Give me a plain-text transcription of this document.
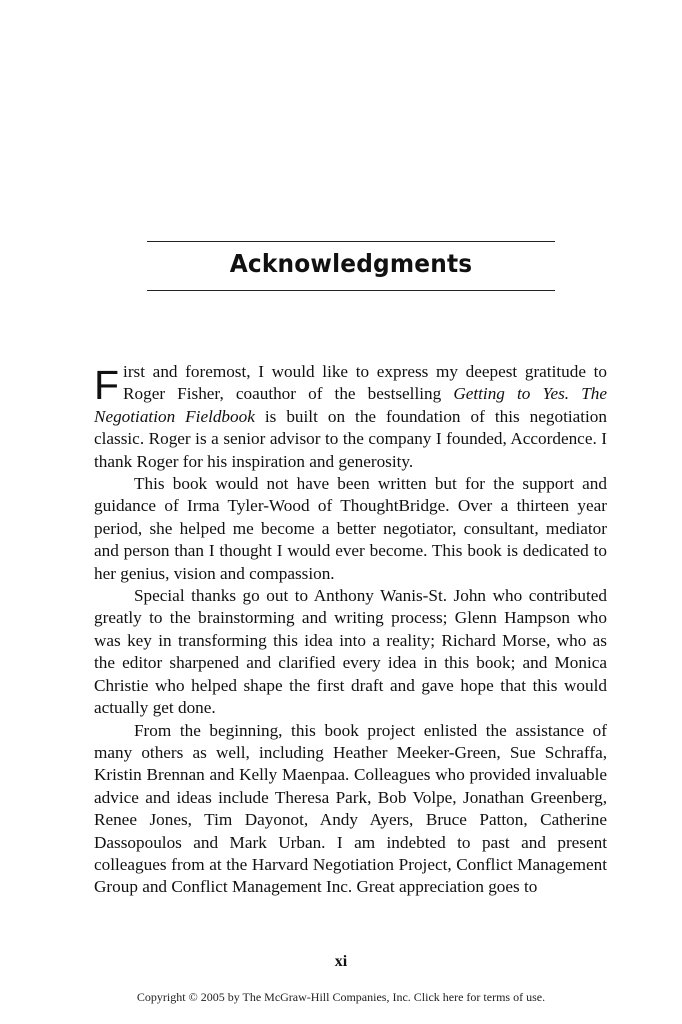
Acknowledgments

First and foremost, I would like to express my deepest gratitude to Roger Fisher, coauthor of the bestselling Getting to Yes. The Negotiation Fieldbook is built on the foundation of this negotiation classic. Roger is a senior advisor to the company I founded, Accordence. I thank Roger for his inspiration and generosity.

This book would not have been written but for the support and guidance of Irma Tyler-Wood of ThoughtBridge. Over a thirteen year period, she helped me become a better negotiator, consultant, mediator and person than I thought I would ever become. This book is dedicated to her genius, vision and compassion.

Special thanks go out to Anthony Wanis-St. John who contributed greatly to the brainstorming and writing process; Glenn Hampson who was key in transforming this idea into a reality; Richard Morse, who as the editor sharpened and clarified every idea in this book; and Monica Christie who helped shape the first draft and gave hope that this would actually get done.

From the beginning, this book project enlisted the assistance of many others as well, including Heather Meeker-Green, Sue Schraffa, Kristin Brennan and Kelly Maenpaa. Colleagues who provided invaluable advice and ideas include Theresa Park, Bob Volpe, Jonathan Greenberg, Renee Jones, Tim Dayonot, Andy Ayers, Bruce Patton, Catherine Dassopoulos and Mark Urban. I am indebted to past and present colleagues from at the Harvard Negotiation Project, Conflict Management Group and Conflict Management Inc. Great appreciation goes to

xi
Copyright © 2005 by The McGraw-Hill Companies, Inc. Click here for terms of use.
